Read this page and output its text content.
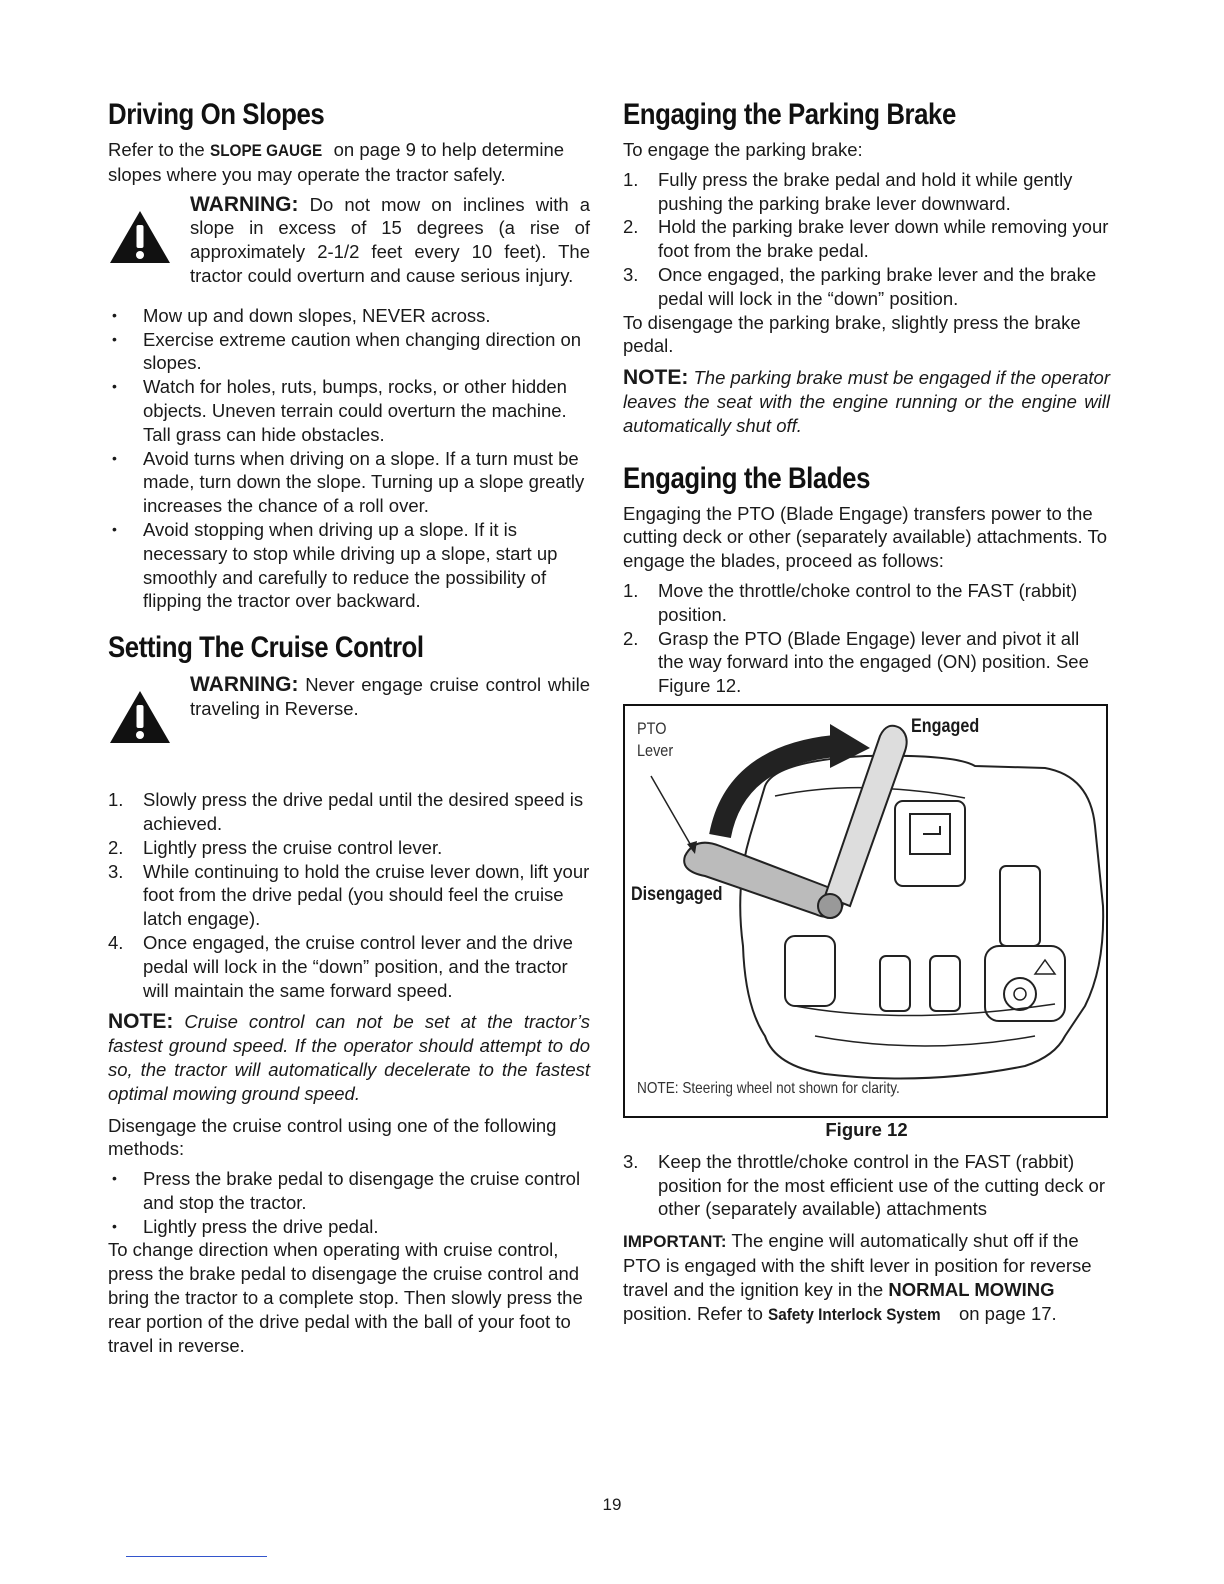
Driving On Slopes

Refer to the SLOPE GAUGE on page 9 to help determine slopes where you may operate the tractor safely.

WARNING: Do not mow on inclines with a slope in excess of 15 degrees (a rise of approximately 2-1/2 feet every 10 feet). The tractor could overturn and cause serious injury.
• Mow up and down slopes, NEVER across.
• Exercise extreme caution when changing direction on slopes.
• Watch for holes, ruts, bumps, rocks, or other hidden objects. Uneven terrain could overturn the machine. Tall grass can hide obstacles.
• Avoid turns when driving on a slope. If a turn must be made, turn down the slope. Turning up a slope greatly increases the chance of a roll over.
• Avoid stopping when driving up a slope. If it is necessary to stop while driving up a slope, start up smoothly and carefully to reduce the possibility of flipping the tractor over backward.
Setting The Cruise Control
WARNING: Never engage cruise control while traveling in Reverse.
1. Slowly press the drive pedal until the desired speed is achieved.
2. Lightly press the cruise control lever.
3. While continuing to hold the cruise lever down, lift your foot from the drive pedal (you should feel the cruise latch engage).
4. Once engaged, the cruise control lever and the drive pedal will lock in the “down” position, and the tractor will maintain the same forward speed.

NOTE: Cruise control can not be set at the tractor’s fastest ground speed. If the operator should attempt to do so, the tractor will automatically decelerate to the fastest optimal mowing ground speed.

Disengage the cruise control using one of the following methods:

• Press the brake pedal to disengage the cruise control and stop the tractor.
• Lightly press the drive pedal.

To change direction when operating with cruise control, press the brake pedal to disengage the cruise control and bring the tractor to a complete stop. Then slowly press the rear portion of the drive pedal with the ball of your foot to travel in reverse.

Engaging the Parking Brake

To engage the parking brake:

1. Fully press the brake pedal and hold it while gently pushing the parking brake lever downward.
2. Hold the parking brake lever down while removing your foot from the brake pedal.
3. Once engaged, the parking brake lever and the brake pedal will lock in the “down” position.

To disengage the parking brake, slightly press the brake pedal.

NOTE: The parking brake must be engaged if the operator leaves the seat with the engine running or the engine will automatically shut off.

Engaging the Blades

Engaging the PTO (Blade Engage) transfers power to the cutting deck or other (separately available) attachments. To engage the blades, proceed as follows:

1. Move the throttle/choke control to the FAST (rabbit) position.
2. Grasp the PTO (Blade Engage) lever and pivot it all the way forward into the engaged (ON) position. See Figure 12.
PTO
Lever
Engaged
Disengaged
NOTE: Steering wheel not shown for clarity.

Figure 12

3. Keep the throttle/choke control in the FAST (rabbit) position for the most efficient use of the cutting deck or other (separately available) attachments

IMPORTANT: The engine will automatically shut off if the PTO is engaged with the shift lever in position for reverse travel and the ignition key in the NORMAL MOWING position. Refer to Safety Interlock System on page 17.

19
